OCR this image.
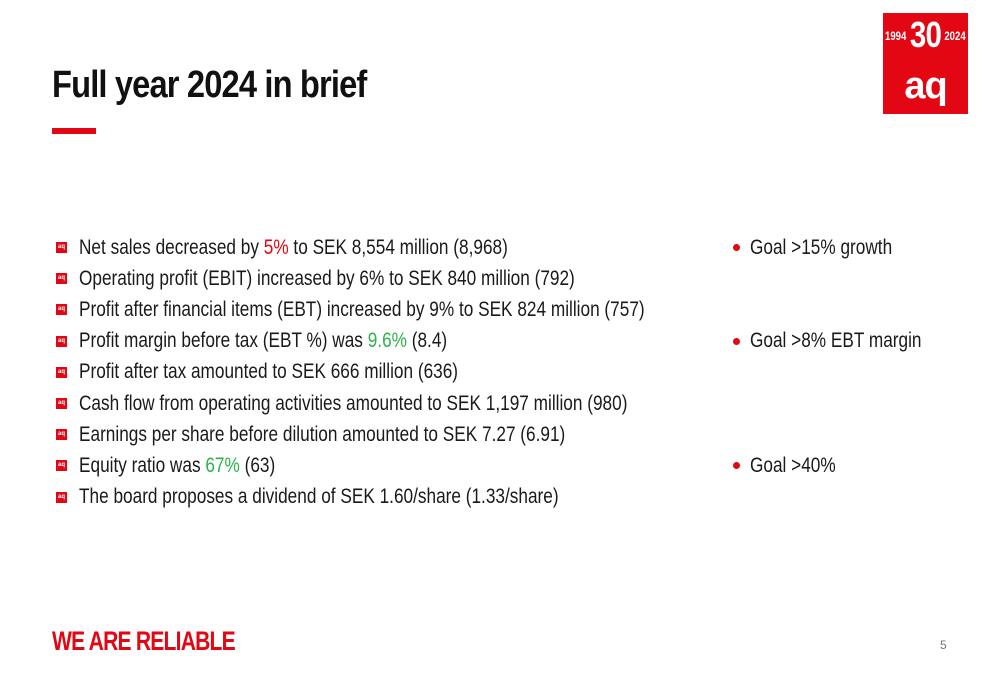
Full year 2024 in brief
1994 30 2024
aq
aq Net sales decreased by 5% to SEK 8,554 million (8,968)
aq Operating profit (EBIT) increased by 6% to SEK 840 million (792)
aq Profit after financial items (EBT) increased by 9% to SEK 824 million (757)
aq Profit margin before tax (EBT %) was 9.6% (8.4)
aq Profit after tax amounted to SEK 666 million (636)
aq Cash flow from operating activities amounted to SEK 1,197 million (980)
aq Earnings per share before dilution amounted to SEK 7.27 (6.91)
aq Equity ratio was 67% (63)
aq The board proposes a dividend of SEK 1.60/share (1.33/share)
Goal >15% growth
Goal >8% EBT margin
Goal >40%
WE ARE RELIABLE	5
